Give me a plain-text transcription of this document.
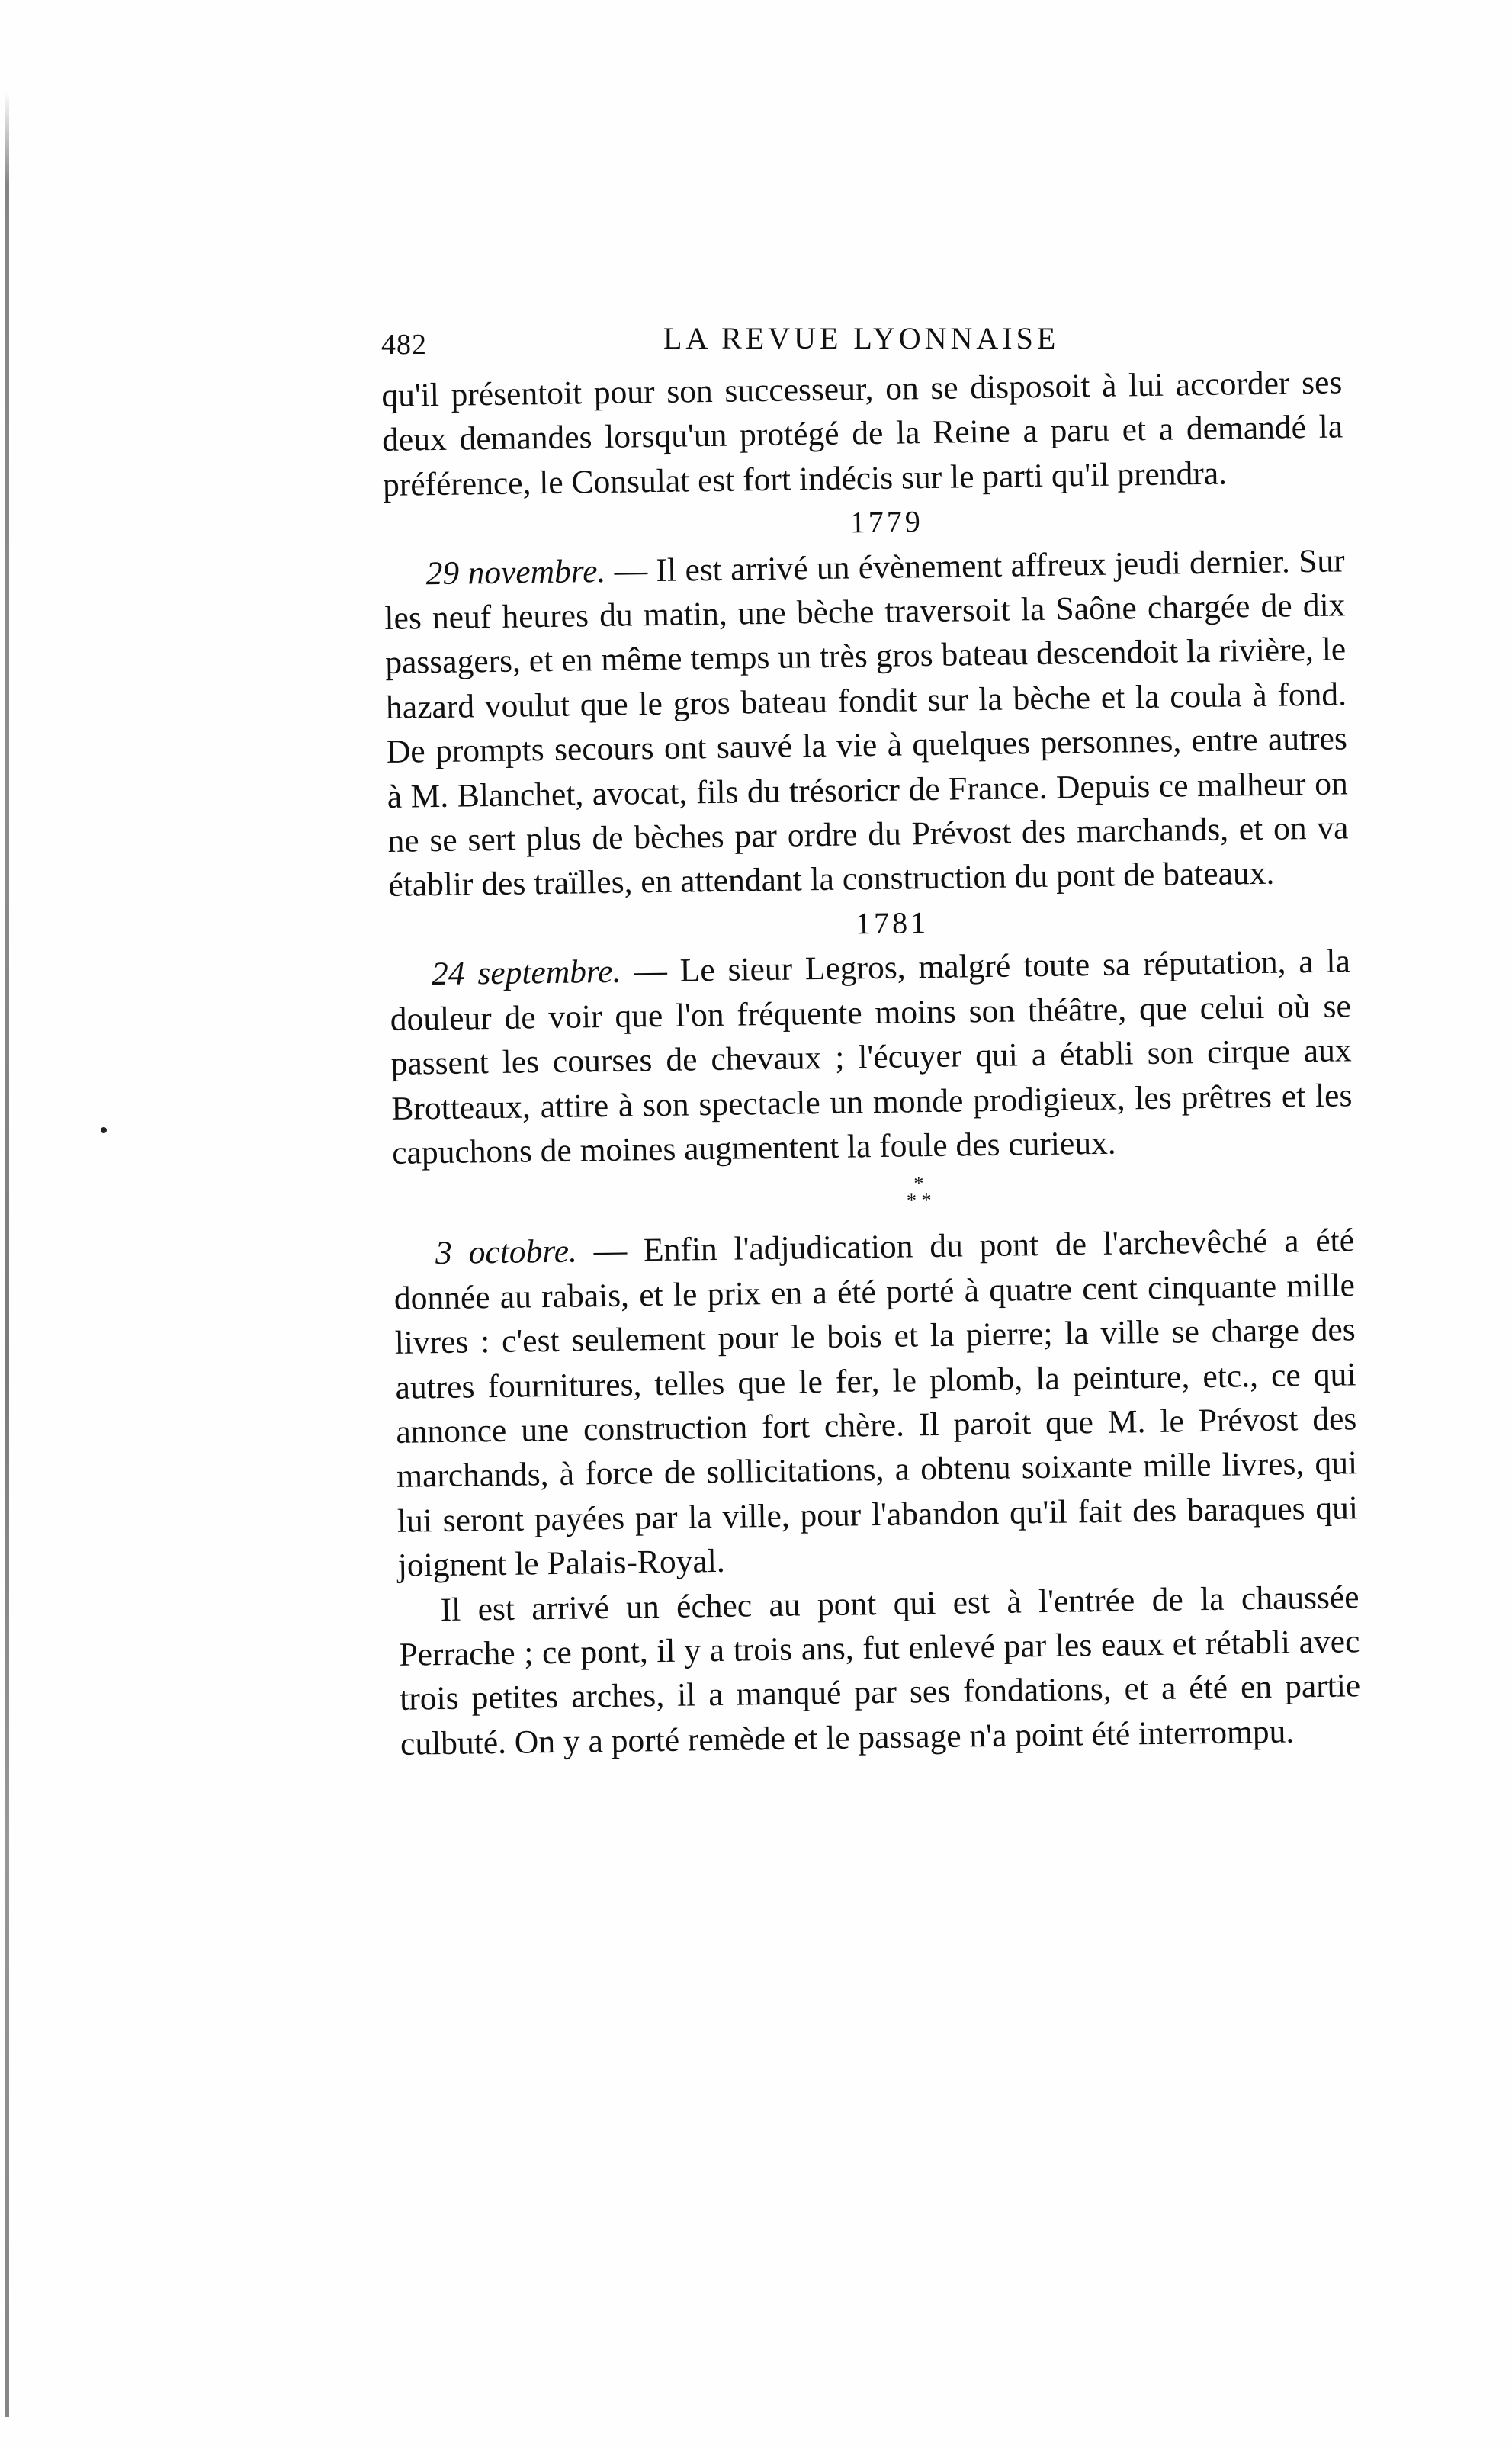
482	LA REVUE LYONNAISE

qu'il présentoit pour son successeur, on se disposoit à lui accorder ses deux demandes lorsqu'un protégé de la Reine a paru et a demandé la préférence, le Consulat est fort indécis sur le parti qu'il prendra.

1779

29 novembre. — Il est arrivé un évènement affreux jeudi dernier. Sur les neuf heures du matin, une bèche traversoit la Saône chargée de dix passagers, et en même temps un très gros bateau descendoit la rivière, le hazard voulut que le gros bateau fondit sur la bèche et la coula à fond. De prompts secours ont sauvé la vie à quelques personnes, entre autres à M. Blanchet, avocat, fils du trésoricr de France. Depuis ce malheur on ne se sert plus de bèches par ordre du Prévost des marchands, et on va établir des traïlles, en attendant la construction du pont de bateaux.

1781

24 septembre. — Le sieur Legros, malgré toute sa réputation, a la douleur de voir que l'on fréquente moins son théâtre, que celui où se passent les courses de chevaux ; l'écuyer qui a établi son cirque aux Brotteaux, attire à son spectacle un monde prodigieux, les prêtres et les capuchons de moines augmentent la foule des curieux.

*
* *

3 octobre. — Enfin l'adjudication du pont de l'archevêché a été donnée au rabais, et le prix en a été porté à quatre cent cinquante mille livres : c'est seulement pour le bois et la pierre; la ville se charge des autres fournitures, telles que le fer, le plomb, la peinture, etc., ce qui annonce une construction fort chère. Il paroit que M. le Prévost des marchands, à force de sollicitations, a obtenu soixante mille livres, qui lui seront payées par la ville, pour l'abandon qu'il fait des baraques qui joignent le Palais-Royal.

Il est arrivé un échec au pont qui est à l'entrée de la chaussée Perrache ; ce pont, il y a trois ans, fut enlevé par les eaux et rétabli avec trois petites arches, il a manqué par ses fondations, et a été en partie culbuté. On y a porté remède et le passage n'a point été interrompu.
